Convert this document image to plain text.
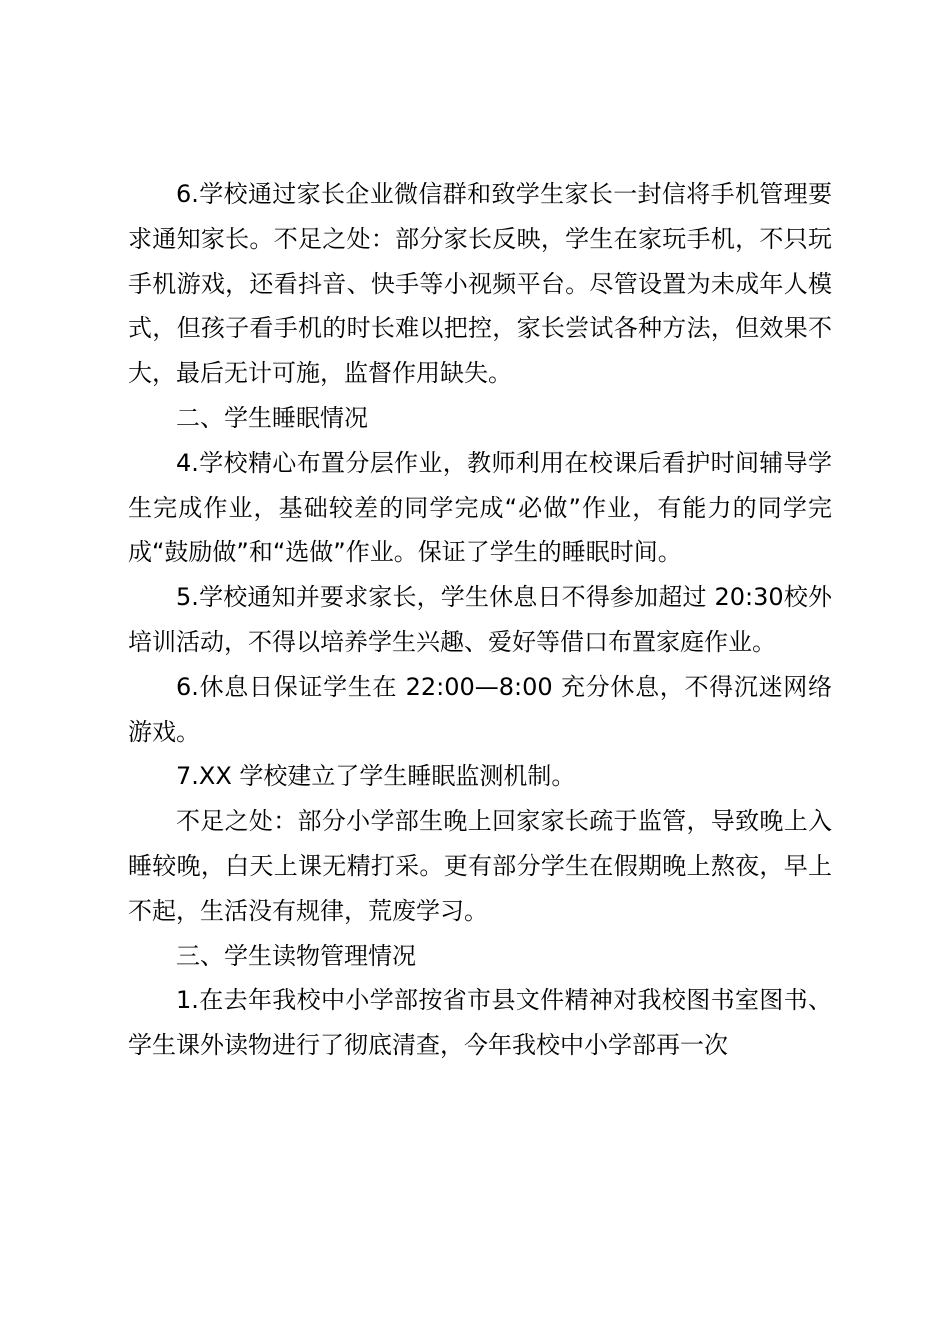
6.学校通过家长企业微信群和致学生家长一封信将手机管理要求通知家长。不足之处：部分家长反映，学生在家玩手机，不只玩手机游戏，还看抖音、快手等小视频平台。尽管设置为未成年人模式，但孩子看手机的时长难以把控，家长尝试各种方法，但效果不大，最后无计可施，监督作用缺失。

二、学生睡眠情况

4.学校精心布置分层作业，教师利用在校课后看护时间辅导学生完成作业，基础较差的同学完成“必做”作业，有能力的同学完成“鼓励做”和“选做”作业。保证了学生的睡眠时间。

5.学校通知并要求家长，学生休息日不得参加超过 20:30校外培训活动，不得以培养学生兴趣、爱好等借口布置家庭作业。

6.休息日保证学生在 22:00—8:00 充分休息，不得沉迷网络游戏。

7.XX 学校建立了学生睡眠监测机制。

不足之处：部分小学部生晚上回家家长疏于监管，导致晚上入睡较晚，白天上课无精打采。更有部分学生在假期晚上熬夜，早上不起，生活没有规律，荒废学习。

三、学生读物管理情况

1.在去年我校中小学部按省市县文件精神对我校图书室图书、学生课外读物进行了彻底清查，今年我校中小学部再一次
